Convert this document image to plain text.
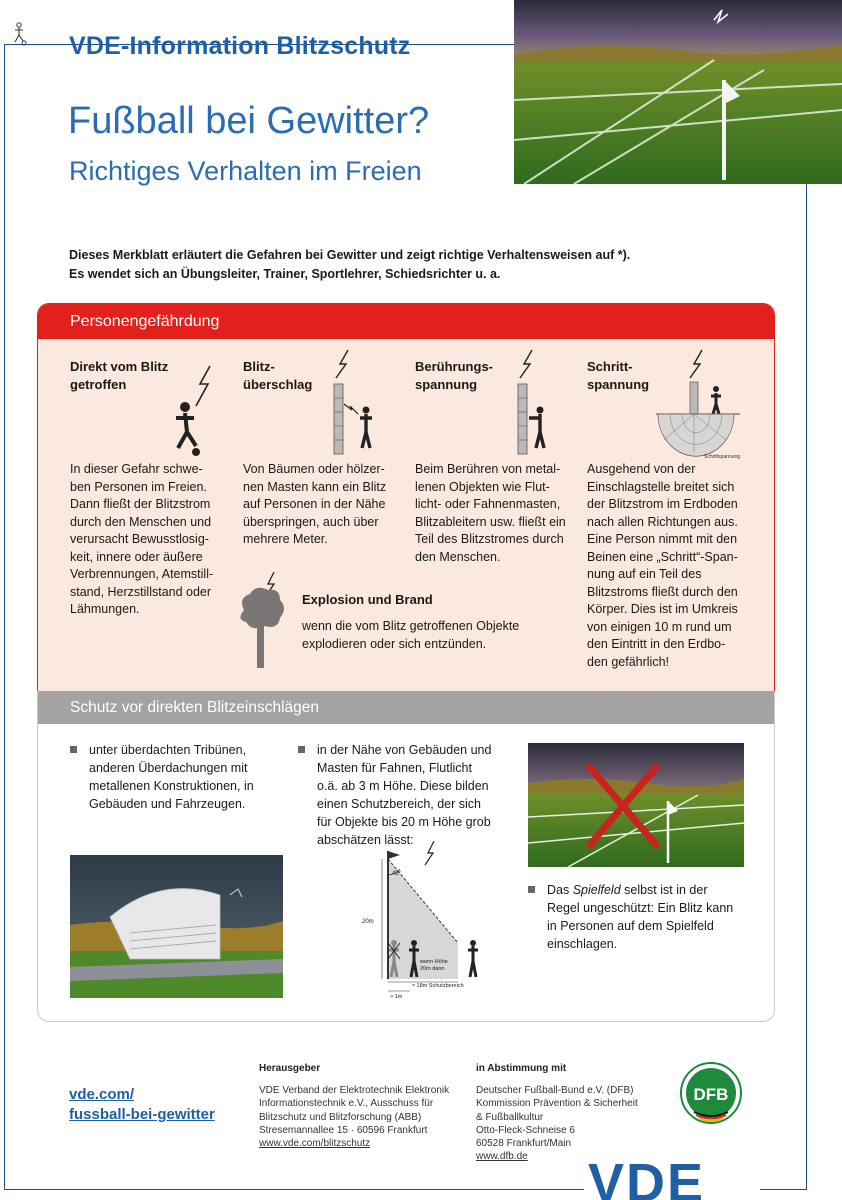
VDE-Information Blitzschutz
Fußball bei Gewitter?
Richtiges Verhalten im Freien
Dieses Merkblatt erläutert die Gefahren bei Gewitter und zeigt richtige Verhaltensweisen auf *).
Es wendet sich an Übungsleiter, Trainer, Sportlehrer, Schiedsrichter u. a.
Personengefährdung
Direkt vom Blitz
getroffen
In dieser Gefahr schwe-
ben Personen im Freien.
Dann fließt der Blitzstrom
durch den Menschen und
verursacht Bewusstlosig-
keit, innere oder äußere
Verbrennungen, Atemstill-
stand, Herzstillstand oder
Lähmungen.
Blitz-
überschlag
Von Bäumen oder hölzer-
nen Masten kann ein Blitz
auf Personen in der Nähe
überspringen, auch über
mehrere Meter.
Berührungs-
spannung
Beim Berühren von metal-
lenen Objekten wie Flut-
licht- oder Fahnenmasten,
Blitzableitern usw. fließt ein
Teil des Blitzstromes durch
den Menschen.
Schritt-
spannung
Schrittspannung
Ausgehend von der
Einschlagstelle breitet sich
der Blitzstrom im Erdboden
nach allen Richtungen aus.
Eine Person nimmt mit den
Beinen eine „Schritt“-Span-
nung auf ein Teil des
Blitzstroms fließt durch den
Körper. Dies ist im Umkreis
von einigen 10 m rund um
den Eintritt in den Erdbo-
den gefährlich!
Explosion und Brand
wenn die vom Blitz getroffenen Objekte
explodieren oder sich entzünden.
Schutz vor direkten Blitzeinschlägen
unter überdachten Tribünen,
anderen Überdachungen mit
metallenen Konstruktionen, in
Gebäuden und Fahrzeugen.
in der Nähe von Gebäuden und
Masten für Fahnen, Flutlicht
o.ä. ab 3 m Höhe. Diese bilden
einen Schutzbereich, der sich
für Objekte bis 20 m Höhe grob
abschätzen lässt:
45°
20m
wenn Höhe
20m dann
≈ 18m Schutzbereich
> 1m
Das Spielfeld selbst ist in der
Regel ungeschützt: Ein Blitz kann
in Personen auf dem Spielfeld
einschlagen.
vde.com/
fussball-bei-gewitter
Herausgeber
VDE Verband der Elektrotechnik Elektronik
Informationstechnik e.V., Ausschuss für
Blitzschutz und Blitzforschung (ABB)
Stresemannallee 15 · 60596 Frankfurt
www.vde.com/blitzschutz
in Abstimmung mit
Deutscher Fußball-Bund e.V. (DFB)
Kommission Prävention & Sicherheit
& Fußballkultur
Otto-Fleck-Schneise 6
60528 Frankfurt/Main
www.dfb.de
DFB
VDE
